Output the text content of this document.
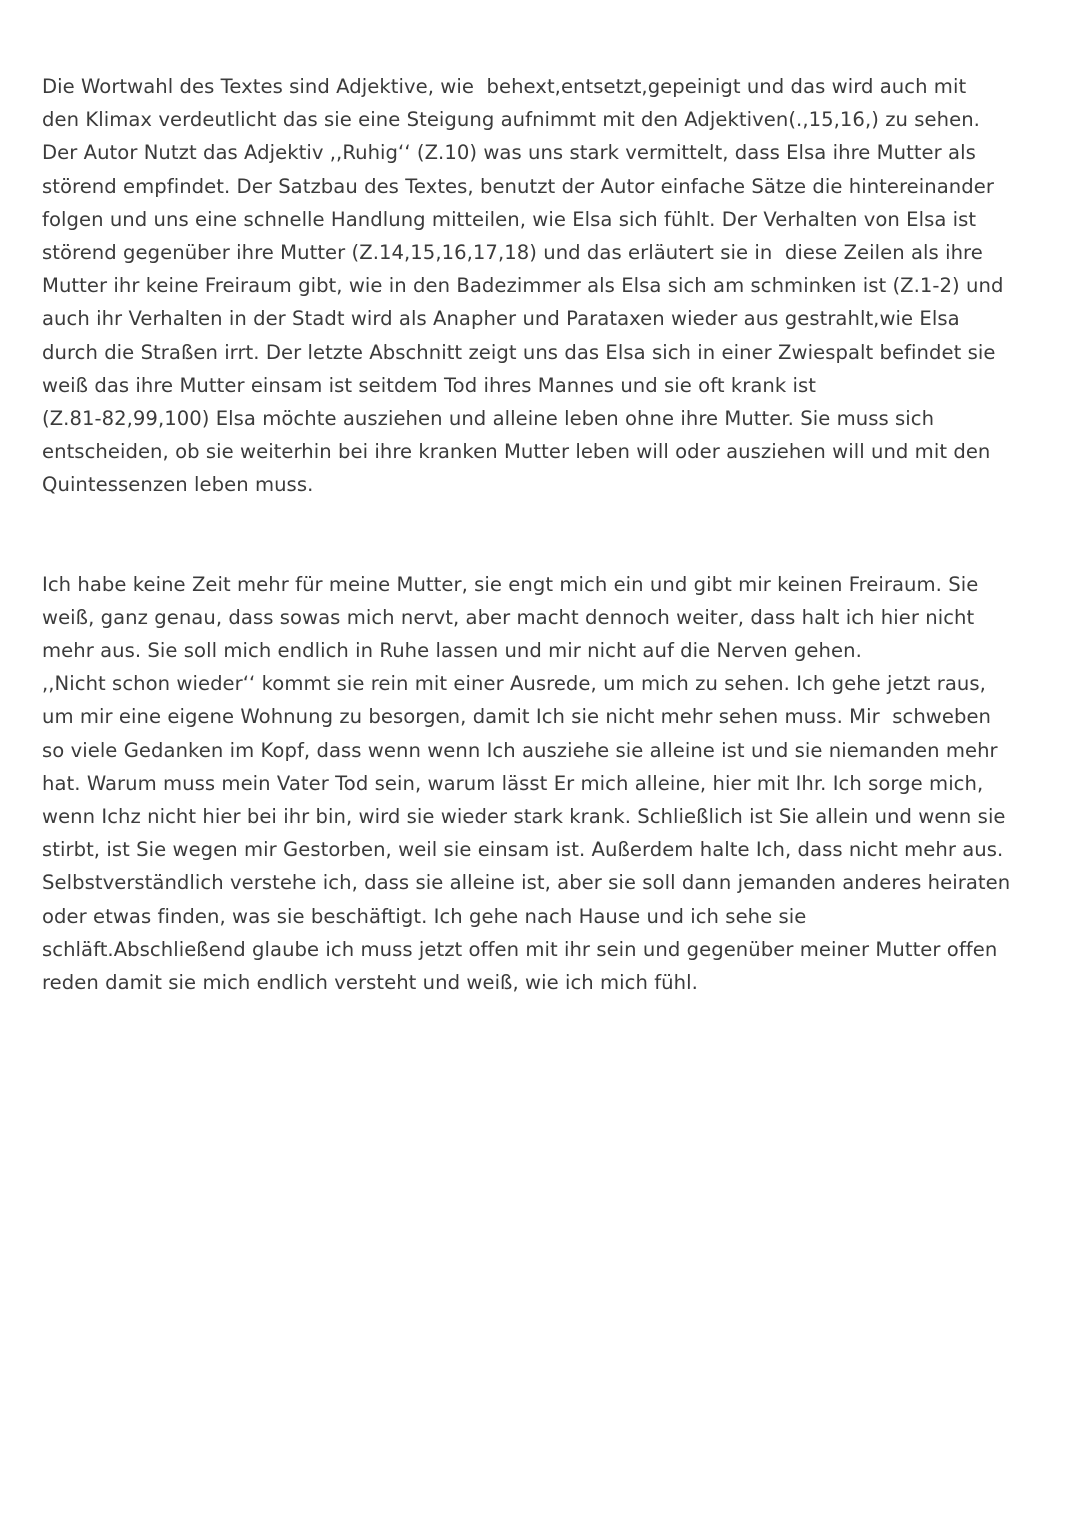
Die Wortwahl des Textes sind Adjektive, wie  behext,entsetzt,gepeinigt und das wird auch mit
den Klimax verdeutlicht das sie eine Steigung aufnimmt mit den Adjektiven(.,15,16,) zu sehen.
Der Autor Nutzt das Adjektiv ,,Ruhig‘‘ (Z.10) was uns stark vermittelt, dass Elsa ihre Mutter als
störend empfindet. Der Satzbau des Textes, benutzt der Autor einfache Sätze die hintereinander
folgen und uns eine schnelle Handlung mitteilen, wie Elsa sich fühlt. Der Verhalten von Elsa ist
störend gegenüber ihre Mutter (Z.14,15,16,17,18) und das erläutert sie in  diese Zeilen als ihre
Mutter ihr keine Freiraum gibt, wie in den Badezimmer als Elsa sich am schminken ist (Z.1-2) und
auch ihr Verhalten in der Stadt wird als Anapher und Parataxen wieder aus gestrahlt,wie Elsa
durch die Straßen irrt. Der letzte Abschnitt zeigt uns das Elsa sich in einer Zwiespalt befindet sie
weiß das ihre Mutter einsam ist seitdem Tod ihres Mannes und sie oft krank ist
(Z.81-82,99,100) Elsa möchte ausziehen und alleine leben ohne ihre Mutter. Sie muss sich
entscheiden, ob sie weiterhin bei ihre kranken Mutter leben will oder ausziehen will und mit den
Quintessenzen leben muss.

Ich habe keine Zeit mehr für meine Mutter, sie engt mich ein und gibt mir keinen Freiraum. Sie
weiß, ganz genau, dass sowas mich nervt, aber macht dennoch weiter, dass halt ich hier nicht
mehr aus. Sie soll mich endlich in Ruhe lassen und mir nicht auf die Nerven gehen.
,,Nicht schon wieder‘‘ kommt sie rein mit einer Ausrede, um mich zu sehen. Ich gehe jetzt raus,
um mir eine eigene Wohnung zu besorgen, damit Ich sie nicht mehr sehen muss. Mir  schweben
so viele Gedanken im Kopf, dass wenn wenn Ich ausziehe sie alleine ist und sie niemanden mehr
hat. Warum muss mein Vater Tod sein, warum lässt Er mich alleine, hier mit Ihr. Ich sorge mich,
wenn Ichz nicht hier bei ihr bin, wird sie wieder stark krank. Schließlich ist Sie allein und wenn sie
stirbt, ist Sie wegen mir Gestorben, weil sie einsam ist. Außerdem halte Ich, dass nicht mehr aus.
Selbstverständlich verstehe ich, dass sie alleine ist, aber sie soll dann jemanden anderes heiraten
oder etwas finden, was sie beschäftigt. Ich gehe nach Hause und ich sehe sie
schläft.Abschließend glaube ich muss jetzt offen mit ihr sein und gegenüber meiner Mutter offen
reden damit sie mich endlich versteht und weiß, wie ich mich fühl.
